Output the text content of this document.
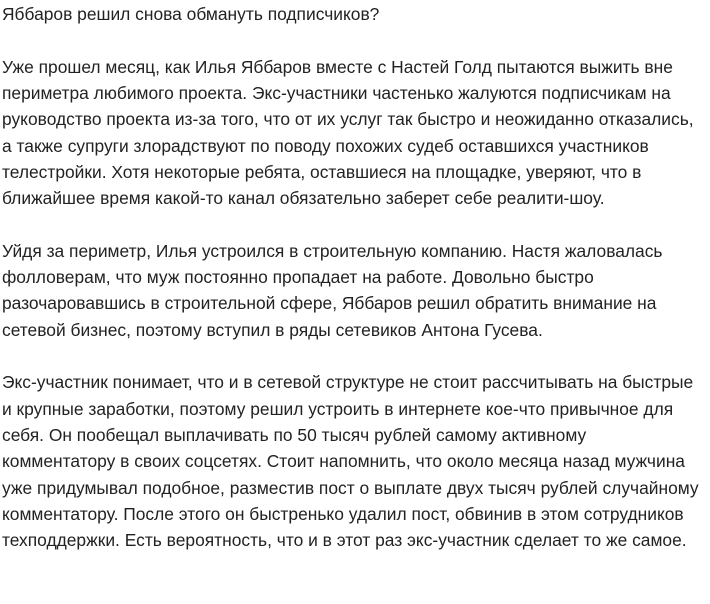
Яббаров решил снова обмануть подписчиков?

Уже прошел месяц, как Илья Яббаров вместе с Настей Голд пытаются выжить вне периметра любимого проекта. Экс-участники частенько жалуются подписчикам на руководство проекта из-за того, что от их услуг так быстро и неожиданно отказались, а также супруги злорадствуют по поводу похожих судеб оставшихся участников телестройки. Хотя некоторые ребята, оставшиеся на площадке, уверяют, что в ближайшее время какой-то канал обязательно заберет себе реалити-шоу.

Уйдя за периметр, Илья устроился в строительную компанию. Настя жаловалась фолловерам, что муж постоянно пропадает на работе. Довольно быстро разочаровавшись в строительной сфере, Яббаров решил обратить внимание на сетевой бизнес, поэтому вступил в ряды сетевиков Антона Гусева.

Экс-участник понимает, что и в сетевой структуре не стоит рассчитывать на быстрые и крупные заработки, поэтому решил устроить в интернете кое-что привычное для себя. Он пообещал выплачивать по 50 тысяч рублей самому активному комментатору в своих соцсетях. Стоит напомнить, что около месяца назад мужчина уже придумывал подобное, разместив пост о выплате двух тысяч рублей случайному комментатору. После этого он быстренько удалил пост, обвинив в этом сотрудников техподдержки. Есть вероятность, что и в этот раз экс-участник сделает то же самое.
